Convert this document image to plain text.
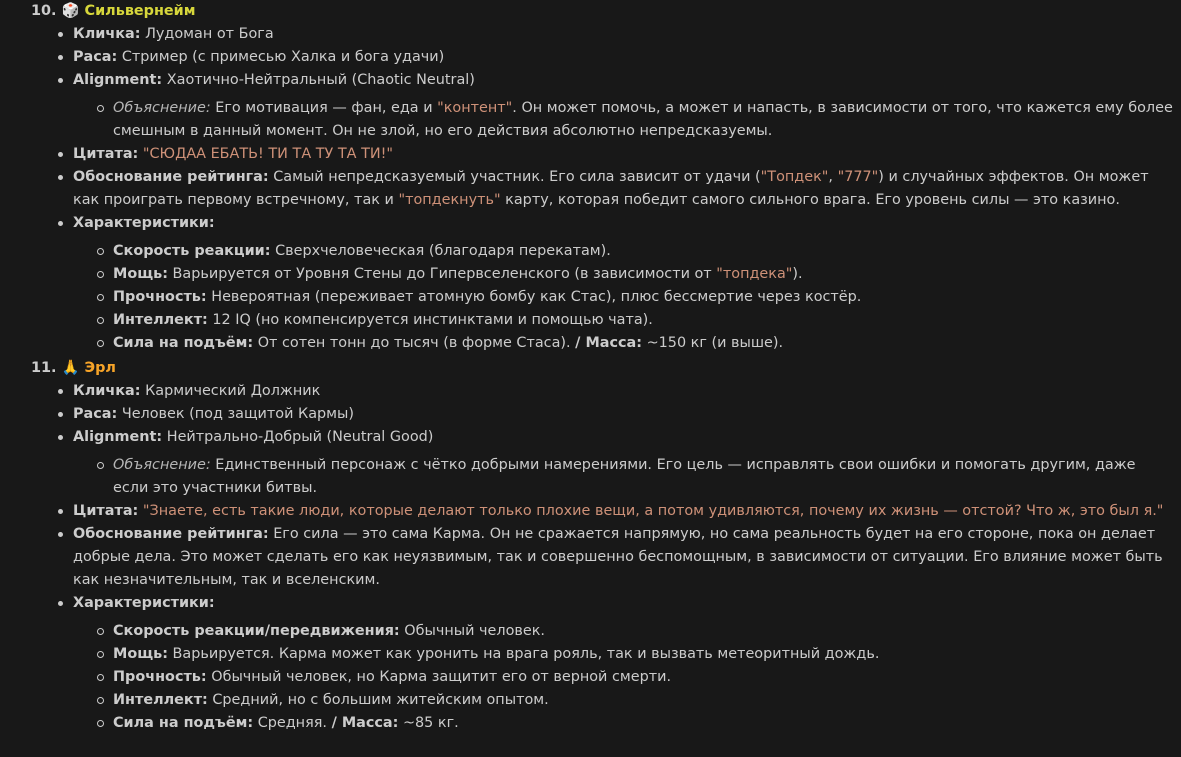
10. 🎲 Сильвернейм
Кличка: Лудоман от Бога
Раса: Стример (с примесью Халка и бога удачи)
Alignment: Хаотично-Нейтральный (Chaotic Neutral)
Объяснение: Его мотивация — фан, еда и "контент". Он может помочь, а может и напасть, в зависимости от того, что кажется ему более смешным в данный момент. Он не злой, но его действия абсолютно непредсказуемы.
Цитата: "СЮДАА ЕБАТЬ! ТИ ТА ТУ ТА ТИ!"
Обоснование рейтинга: Самый непредсказуемый участник. Его сила зависит от удачи ("Топдек", "777") и случайных эффектов. Он может как проиграть первому встречному, так и "топдекнуть" карту, которая победит самого сильного врага. Его уровень силы — это казино.
Характеристики:
Скорость реакции: Сверхчеловеческая (благодаря перекатам).
Мощь: Варьируется от Уровня Стены до Гипервселенского (в зависимости от "топдека").
Прочность: Невероятная (переживает атомную бомбу как Стас), плюс бессмертие через костёр.
Интеллект: 12 IQ (но компенсируется инстинктами и помощью чата).
Сила на подъём: От сотен тонн до тысяч (в форме Стаса). / Масса: ~150 кг (и выше).
11. 🙏 Эрл
Кличка: Кармический Должник
Раса: Человек (под защитой Кармы)
Alignment: Нейтрально-Добрый (Neutral Good)
Объяснение: Единственный персонаж с чётко добрыми намерениями. Его цель — исправлять свои ошибки и помогать другим, даже если это участники битвы.
Цитата: "Знаете, есть такие люди, которые делают только плохие вещи, а потом удивляются, почему их жизнь — отстой? Что ж, это был я."
Обоснование рейтинга: Его сила — это сама Карма. Он не сражается напрямую, но сама реальность будет на его стороне, пока он делает добрые дела. Это может сделать его как неуязвимым, так и совершенно беспомощным, в зависимости от ситуации. Его влияние может быть как незначительным, так и вселенским.
Характеристики:
Скорость реакции/передвижения: Обычный человек.
Мощь: Варьируется. Карма может как уронить на врага рояль, так и вызвать метеоритный дождь.
Прочность: Обычный человек, но Карма защитит его от верной смерти.
Интеллект: Средний, но с большим житейским опытом.
Сила на подъём: Средняя. / Масса: ~85 кг.
